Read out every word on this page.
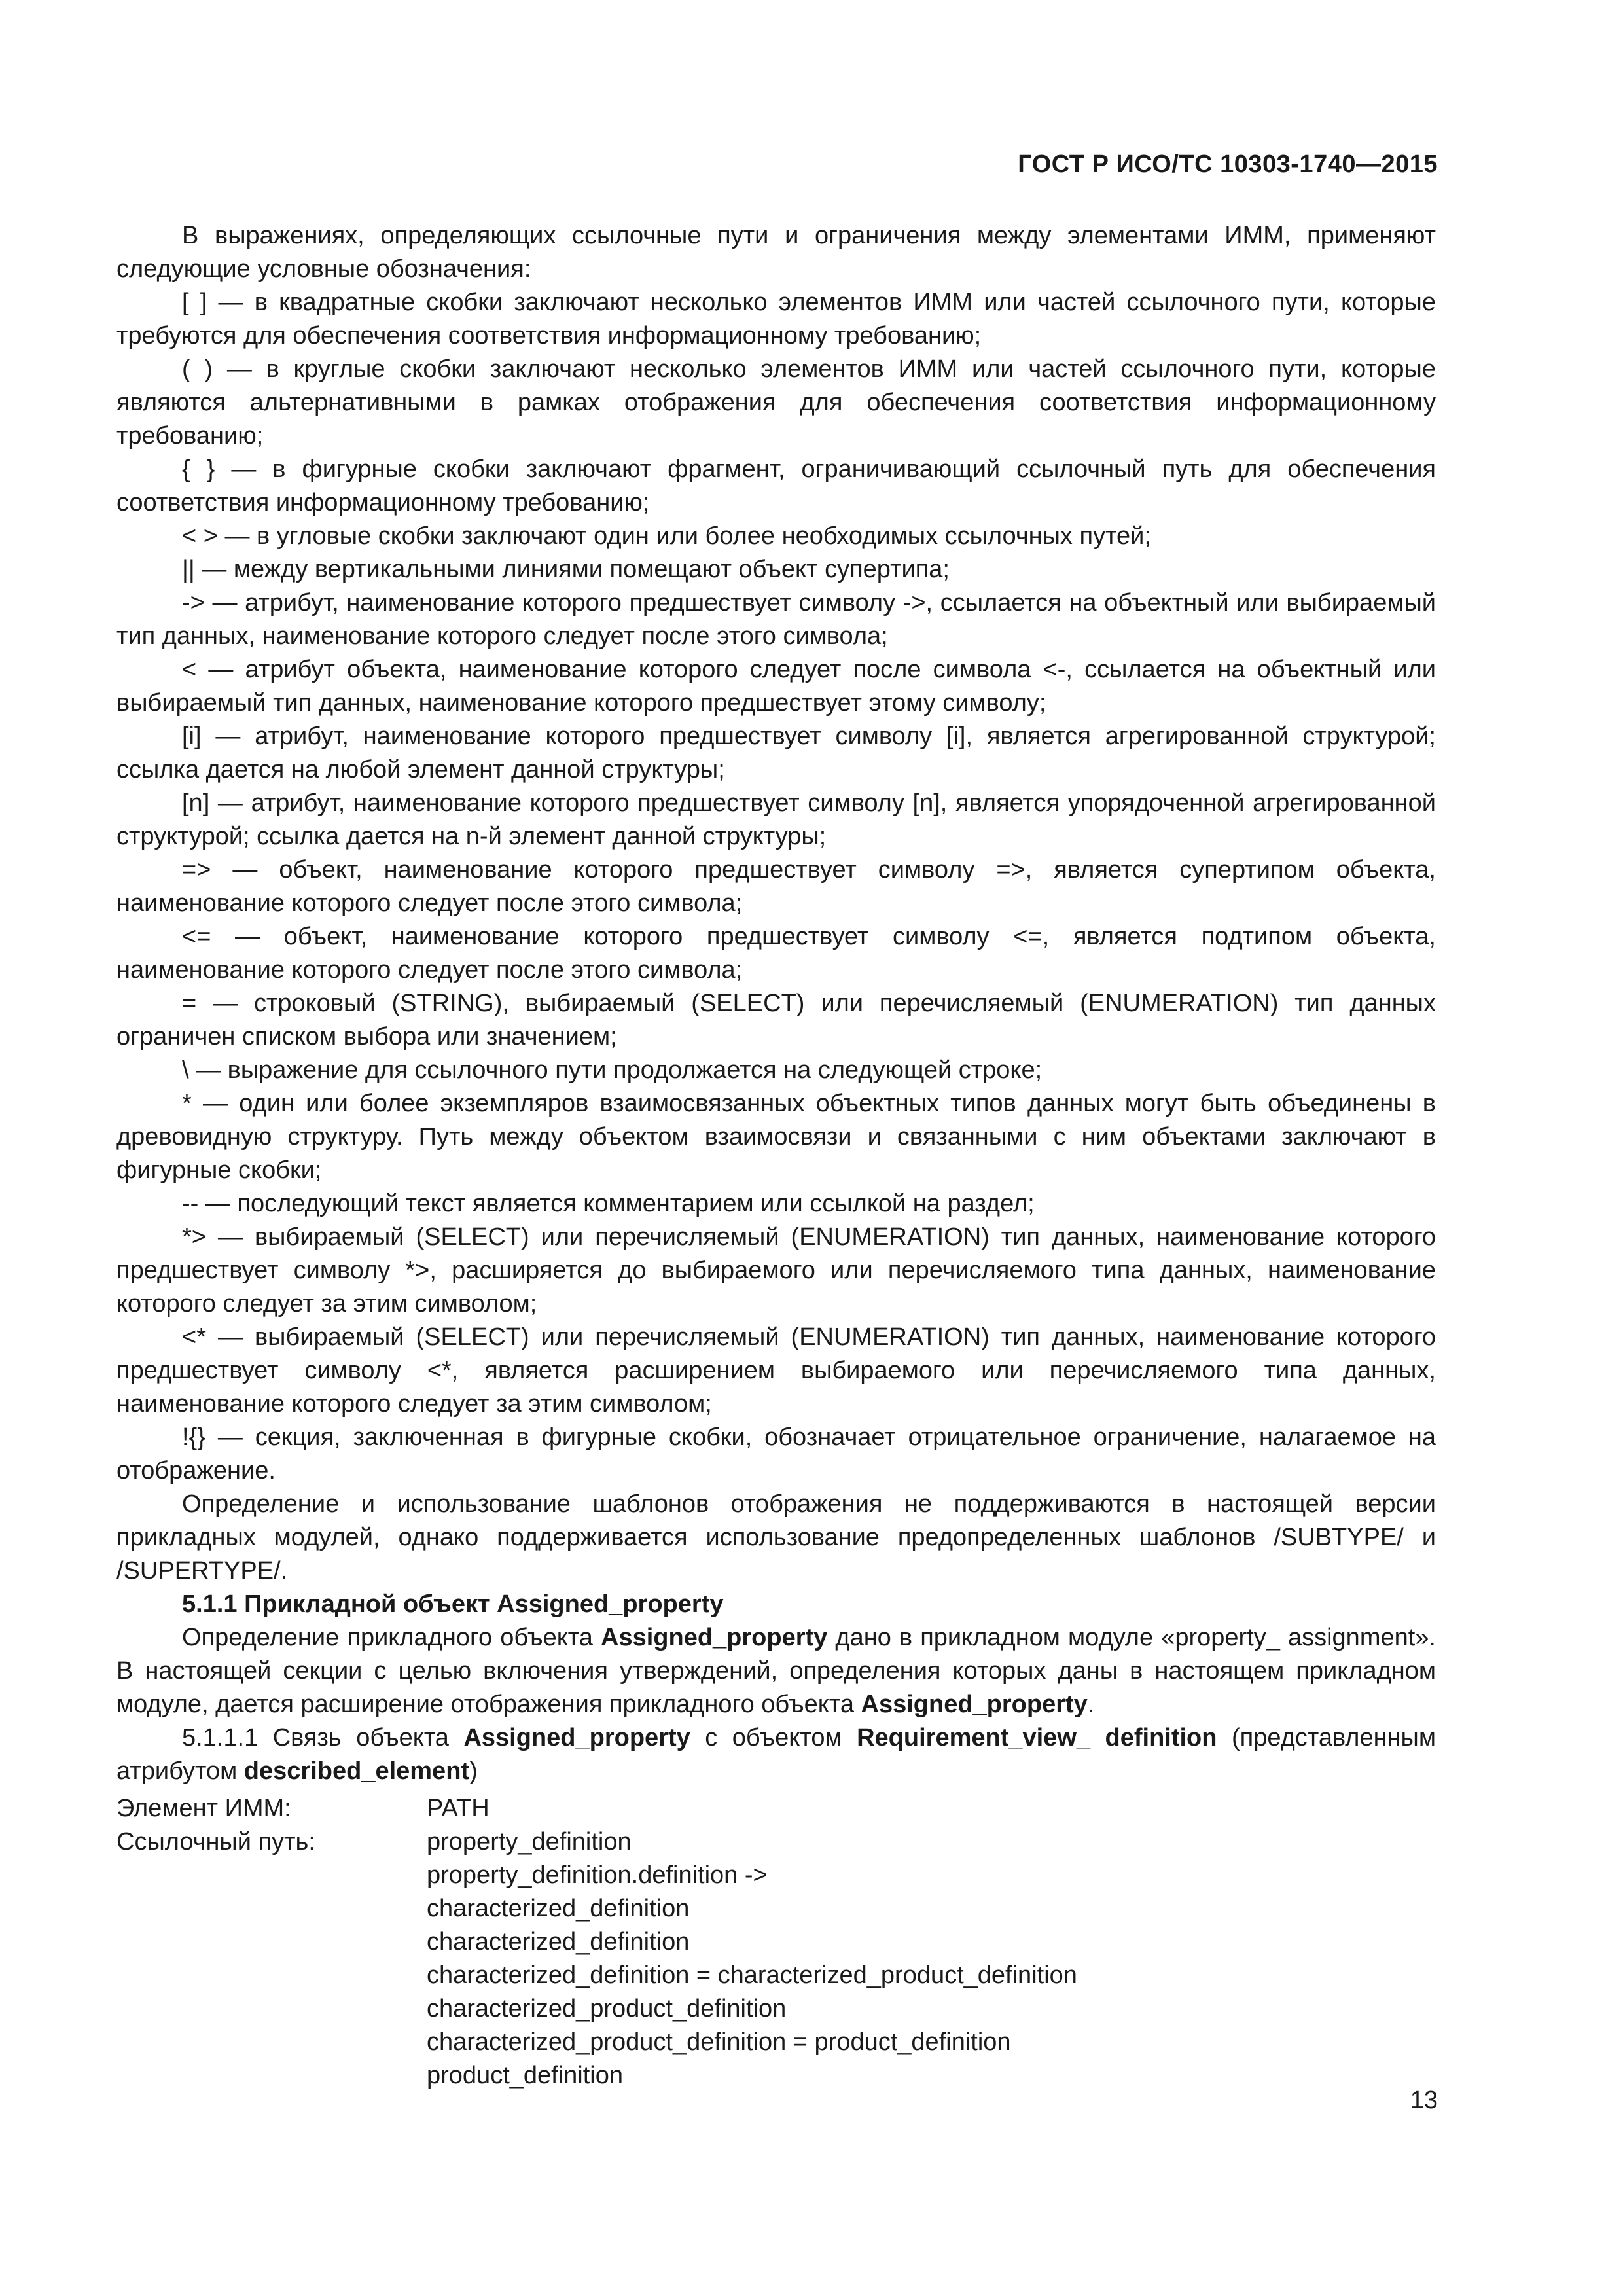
ГОСТ Р ИСО/ТС 10303-1740—2015

В выражениях, определяющих ссылочные пути и ограничения между элементами ИММ, применяют следующие условные обозначения:

[ ] — в квадратные скобки заключают несколько элементов ИММ или частей ссылочного пути, которые требуются для обеспечения соответствия информационному требованию;

( ) — в круглые скобки заключают несколько элементов ИММ или частей ссылочного пути, которые являются альтернативными в рамках отображения для обеспечения соответствия информационному требованию;

{ } — в фигурные скобки заключают фрагмент, ограничивающий ссылочный путь для обеспечения соответствия информационному требованию;

< > — в угловые скобки заключают один или более необходимых ссылочных путей;

|| — между вертикальными линиями помещают объект супертипа;

-> — атрибут, наименование которого предшествует символу ->, ссылается на объектный или выбираемый тип данных, наименование которого следует после этого символа;

< — атрибут объекта, наименование которого следует после символа <-, ссылается на объектный или выбираемый тип данных, наименование которого предшествует этому символу;

[i] — атрибут, наименование которого предшествует символу [i], является агрегированной структурой; ссылка дается на любой элемент данной структуры;

[n] — атрибут, наименование которого предшествует символу [n], является упорядоченной агрегированной структурой; ссылка дается на n-й элемент данной структуры;

=> — объект, наименование которого предшествует символу =>, является супертипом объекта, наименование которого следует после этого символа;

<= — объект, наименование которого предшествует символу <=, является подтипом объекта, наименование которого следует после этого символа;

= — строковый (STRING), выбираемый (SELECT) или перечисляемый (ENUMERATION) тип данных ограничен списком выбора или значением;

\ — выражение для ссылочного пути продолжается на следующей строке;

* — один или более экземпляров взаимосвязанных объектных типов данных могут быть объединены в древовидную структуру. Путь между объектом взаимосвязи и связанными с ним объектами заключают в фигурные скобки;

-- — последующий текст является комментарием или ссылкой на раздел;

*> — выбираемый (SELECT) или перечисляемый (ENUMERATION) тип данных, наименование которого предшествует символу *>, расширяется до выбираемого или перечисляемого типа данных, наименование которого следует за этим символом;

<* — выбираемый (SELECT) или перечисляемый (ENUMERATION) тип данных, наименование которого предшествует символу <*, является расширением выбираемого или перечисляемого типа данных, наименование которого следует за этим символом;

!{} — секция, заключенная в фигурные скобки, обозначает отрицательное ограничение, налагаемое на отображение.

Определение и использование шаблонов отображения не поддерживаются в настоящей версии прикладных модулей, однако поддерживается использование предопределенных шаблонов /SUBTYPE/ и /SUPERTYPE/.

5.1.1 Прикладной объект Assigned_property

Определение прикладного объекта Assigned_property дано в прикладном модуле «property_ assignment». В настоящей секции с целью включения утверждений, определения которых даны в настоящем прикладном модуле, дается расширение отображения прикладного объекта Assigned_property.

5.1.1.1 Связь объекта Assigned_property с объектом Requirement_view_ definition (представленным атрибутом described_element)

Элемент ИММ:	PATH
Ссылочный путь:	property_definition
property_definition.definition ->
characterized_definition
characterized_definition
characterized_definition = characterized_product_definition
characterized_product_definition
characterized_product_definition = product_definition
product_definition
13
